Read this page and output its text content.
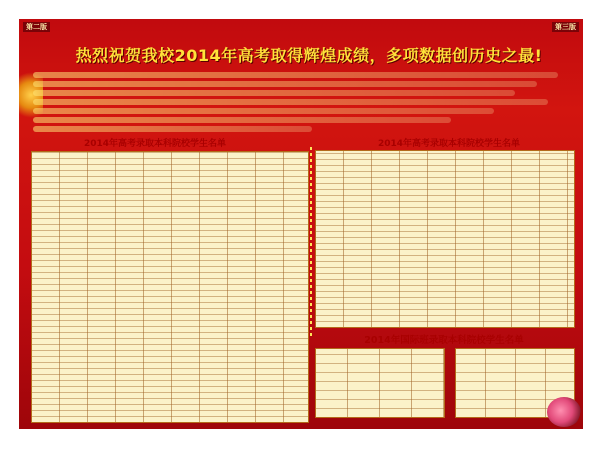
第二版	第三版
热烈祝贺我校2014年高考取得辉煌成绩，多项数据创历史之最!
2014年高考录取本科院校学生名单	2014年高考录取本科院校学生名单
2014年国际班录取本科院校学生名单
